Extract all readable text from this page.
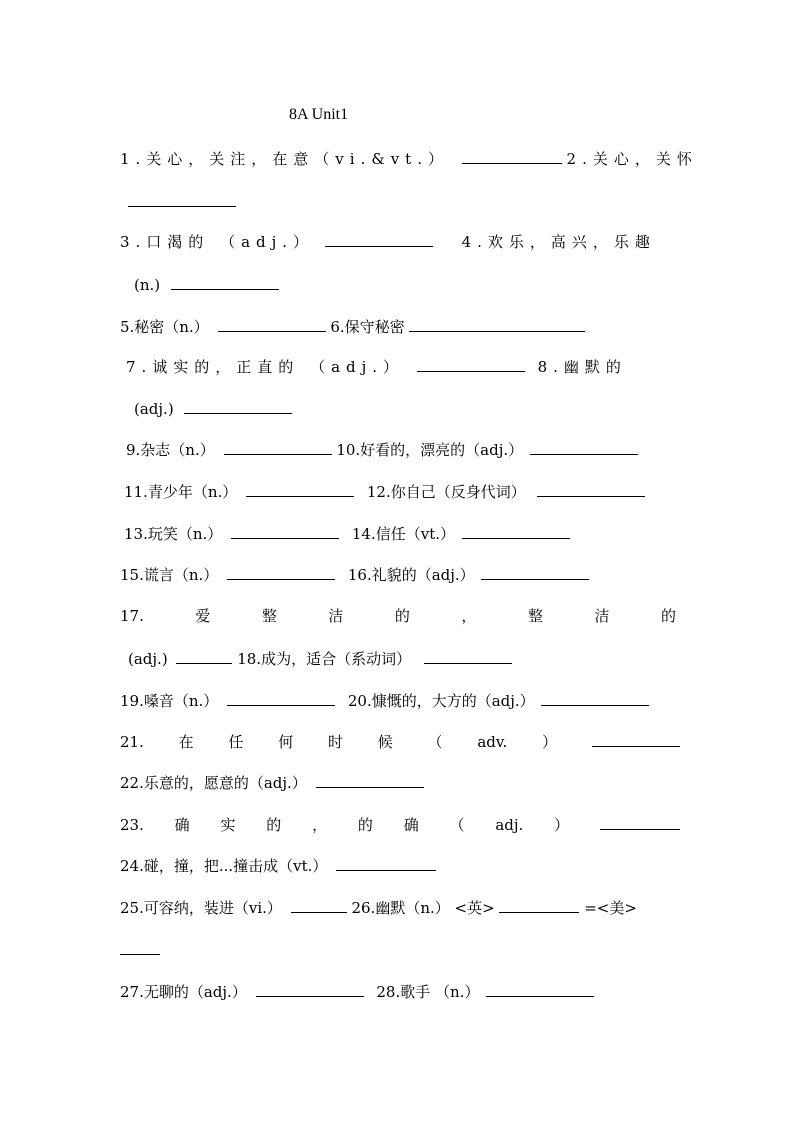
8A Unit1
1.关心，关注，在意（vi.&vt.）	2.关心，关怀
3.口渴的 （adj.）	4.欢乐，高兴，乐趣
(n.)
5.秘密（n.）	6.保守秘密
7.诚实的，正直的 （adj.）	8.幽默的
(adj.)
9.杂志（n.）	10.好看的，漂亮的（adj.）
11.青少年（n.）	12.你自己（反身代词）
13.玩笑（n.）	14.信任（vt.）
15.谎言（n.）	16.礼貌的（adj.）
17.	爱	整	洁	的	，	整	洁	的
(adj.)	18.成为，适合（系动词）
19.嗓音（n.）	20.慷慨的，大方的（adj.）
21. 在 任 何 时 候 （ adv. ）
22.乐意的，愿意的（adj.）
23. 确 实 的 ， 的 确 （ adj. ）
24.碰，撞，把...撞击成（vt.）
25.可容纳，装进（vi.）	26.幽默（n.） <英>	=<美>
27.无聊的（adj.）	28.歌手 （n.）
